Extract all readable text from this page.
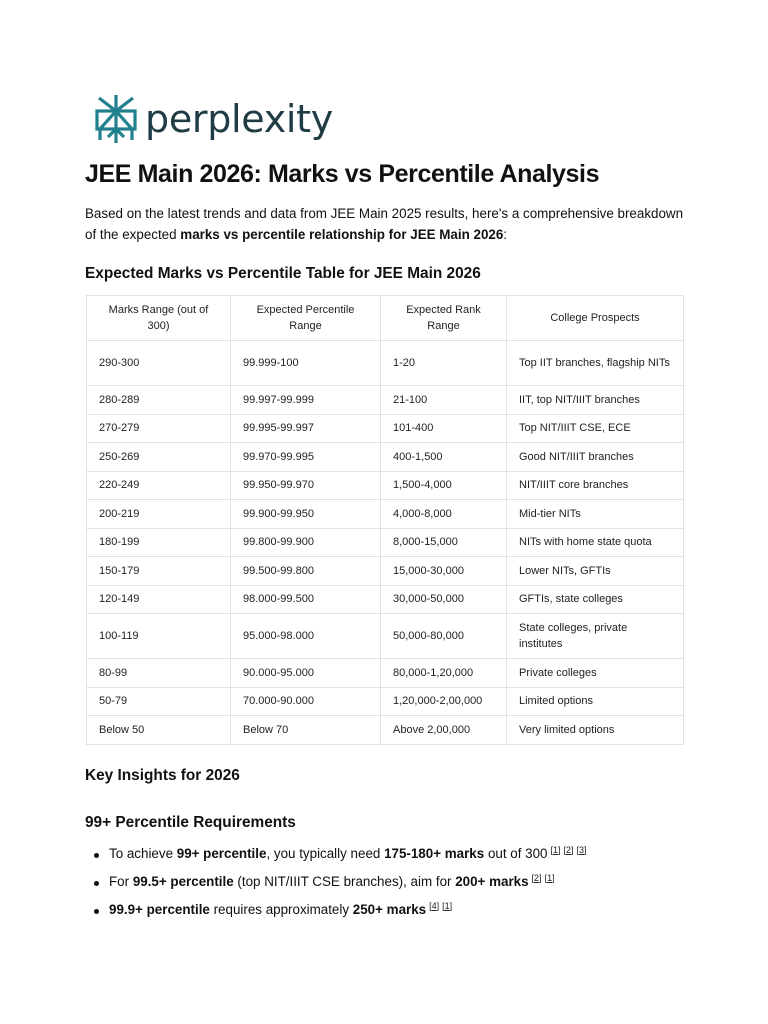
perplexity
JEE Main 2026: Marks vs Percentile Analysis

Based on the latest trends and data from JEE Main 2025 results, here's a comprehensive breakdown of the expected marks vs percentile relationship for JEE Main 2026:

Expected Marks vs Percentile Table for JEE Main 2026
Marks Range (out of 300)	Expected Percentile Range	Expected Rank Range	College Prospects
290-300	99.999-100	1-20	Top IIT branches, flagship NITs
280-289	99.997-99.999	21-100	IIT, top NIT/IIIT branches
270-279	99.995-99.997	101-400	Top NIT/IIIT CSE, ECE
250-269	99.970-99.995	400-1,500	Good NIT/IIIT branches
220-249	99.950-99.970	1,500-4,000	NIT/IIIT core branches
200-219	99.900-99.950	4,000-8,000	Mid-tier NITs
180-199	99.800-99.900	8,000-15,000	NITs with home state quota
150-179	99.500-99.800	15,000-30,000	Lower NITs, GFTIs
120-149	98.000-99.500	30,000-50,000	GFTIs, state colleges
100-119	95.000-98.000	50,000-80,000	State colleges, private institutes
80-99	90.000-95.000	80,000-1,20,000	Private colleges
50-79	70.000-90.000	1,20,000-2,00,000	Limited options
Below 50	Below 70	Above 2,00,000	Very limited options
Key Insights for 2026
99+ Percentile Requirements
To achieve 99+ percentile, you typically need 175-180+ marks out of 300 [1] [2] [3]
For 99.5+ percentile (top NIT/IIIT CSE branches), aim for 200+ marks [2] [1]
99.9+ percentile requires approximately 250+ marks [4] [1]
